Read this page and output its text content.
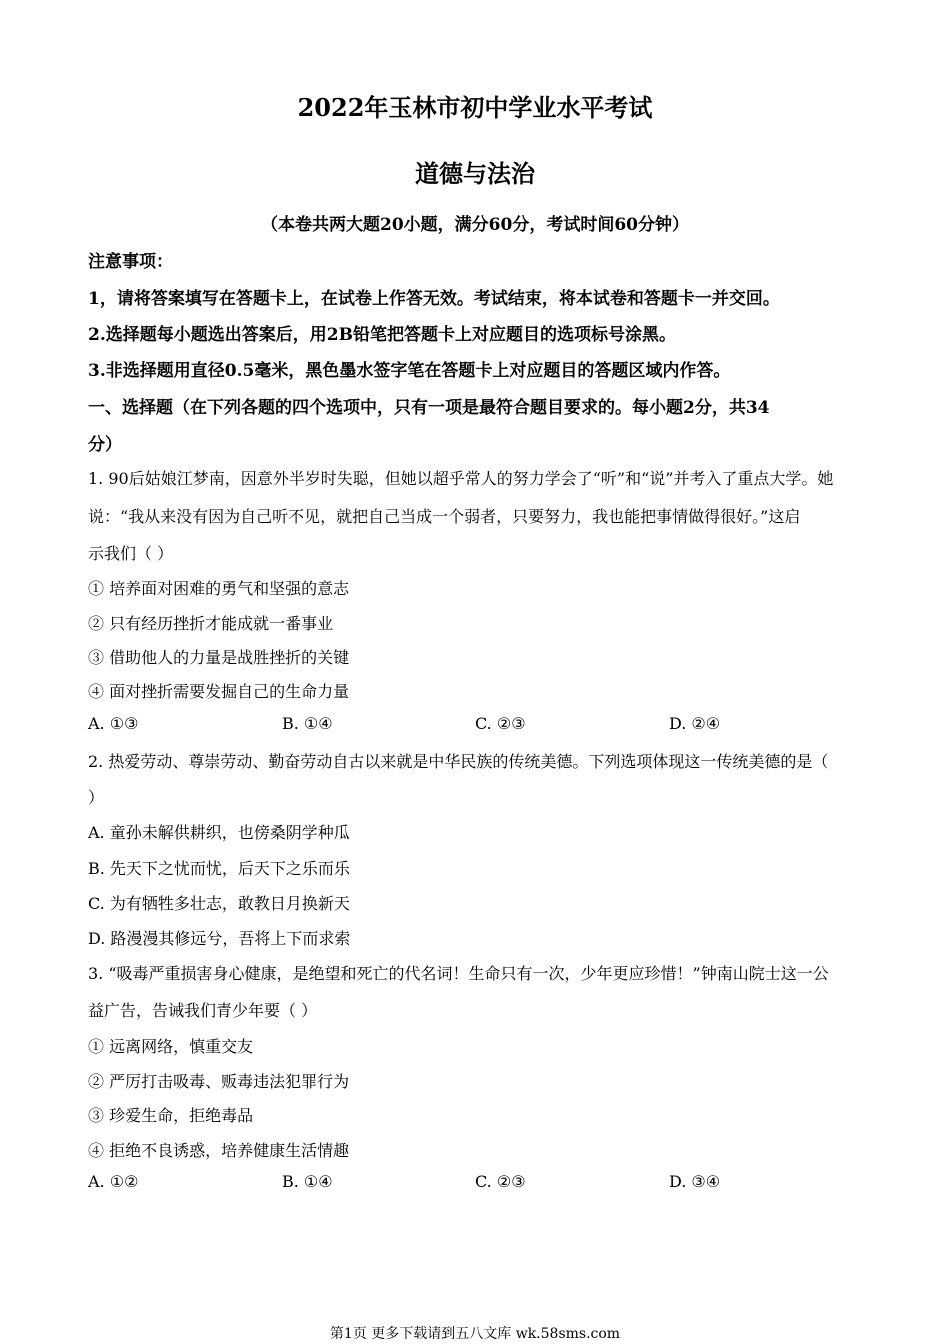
2022年玉林市初中学业水平考试
道德与法治
（本卷共两大题20小题，满分60分，考试时间60分钟）
注意事项：
1，请将答案填写在答题卡上，在试卷上作答无效。考试结束，将本试卷和答题卡一并交回。
2.选择题每小题选出答案后，用2B铅笔把答题卡上对应题目的选项标号涂黑。
3.非选择题用直径0.5毫米，黑色墨水签字笔在答题卡上对应题目的答题区域内作答。
一、选择题（在下列各题的四个选项中，只有一项是最符合题目要求的。每小题2分，共34
分）
1. 90后姑娘江梦南，因意外半岁时失聪，但她以超乎常人的努力学会了“听”和“说”并考入了重点大学。她
说：“我从来没有因为自己听不见，就把自己当成一个弱者，只要努力，我也能把事情做得很好。”这启
示我们（ ）
① 培养面对困难的勇气和坚强的意志
② 只有经历挫折才能成就一番事业
③ 借助他人的力量是战胜挫折的关键
④ 面对挫折需要发掘自己的生命力量
A. ①③	B. ①④	C. ②③	D. ②④
2. 热爱劳动、尊崇劳动、勤奋劳动自古以来就是中华民族的传统美德。下列选项体现这一传统美德的是（
）
A. 童孙未解供耕织，也傍桑阴学种瓜
B. 先天下之忧而忧，后天下之乐而乐
C. 为有牺牲多壮志，敢教日月换新天
D. 路漫漫其修远兮，吾将上下而求索
3. “吸毒严重损害身心健康，是绝望和死亡的代名词！生命只有一次，少年更应珍惜！”钟南山院士这一公
益广告，告诫我们青少年要（ ）
① 远离网络，慎重交友
② 严厉打击吸毒、贩毒违法犯罪行为
③ 珍爱生命，拒绝毒品
④ 拒绝不良诱惑，培养健康生活情趣
A. ①②	B. ①④	C. ②③	D. ③④
第1页 更多下载请到五八文库 wk.58sms.com
